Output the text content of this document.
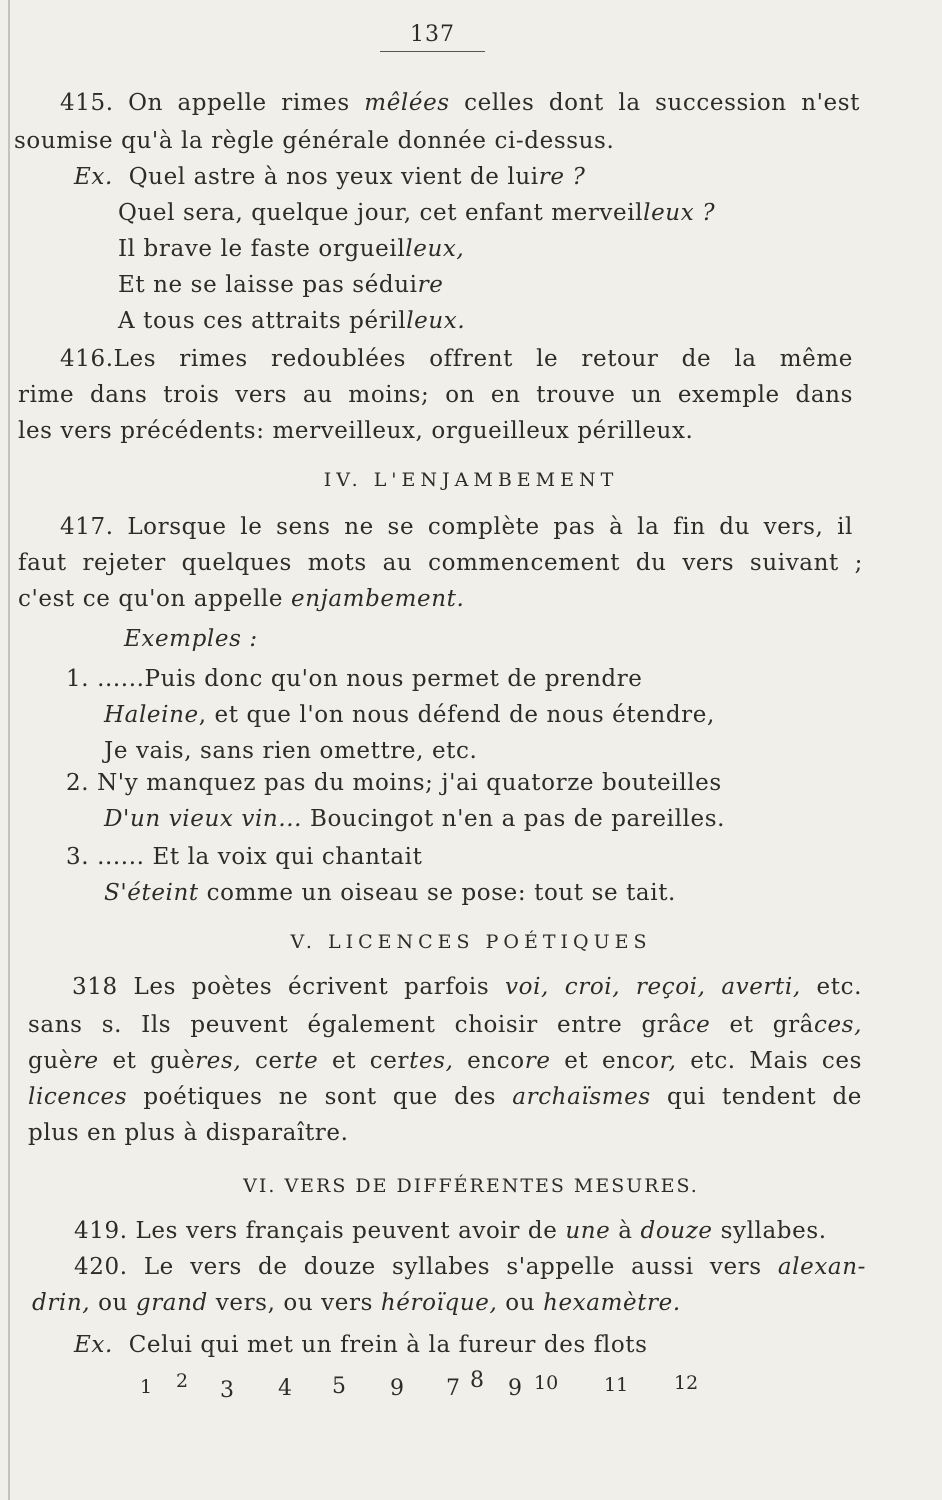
137
415. On appelle rimes mêlées celles dont la succession n'est
soumise qu'à la règle générale donnée ci-dessus.
Ex. Quel astre à nos yeux vient de luire ?
Quel sera, quelque jour, cet enfant merveilleux ?
Il brave le faste orgueilleux,
Et ne se laisse pas séduire
A tous ces attraits périlleux.
416.Les rimes redoublées offrent le retour de la même
rime dans trois vers au moins; on en trouve un exemple dans
les vers précédents: merveilleux, orgueilleux périlleux.
IV. L'ENJAMBEMENT
417. Lorsque le sens ne se complète pas à la fin du vers, il
faut rejeter quelques mots au commencement du vers suivant ;
c'est ce qu'on appelle enjambement.
Exemples :
1. ......Puis donc qu'on nous permet de prendre
Haleine, et que l'on nous défend de nous étendre,
Je vais, sans rien omettre, etc.
2. N'y manquez pas du moins; j'ai quatorze bouteilles
D'un vieux vin... Boucingot n'en a pas de pareilles.
3. ...... Et la voix qui chantait
S'éteint comme un oiseau se pose: tout se tait.
V. LICENCES POÉTIQUES
318 Les poètes écrivent parfois voi, croi, reçoi, averti, etc.
sans s. Ils peuvent également choisir entre grâce et grâces,
guère et guères, certe et certes, encore et encor, etc. Mais ces
licences poétiques ne sont que des archaïsmes qui tendent de
plus en plus à disparaître.
VI. VERS DE DIFFÉRENTES MESURES.
419. Les vers français peuvent avoir de une à douze syllabes.
420. Le vers de douze syllabes s'appelle aussi vers alexan-
drin, ou grand vers, ou vers héroïque, ou hexamètre.
Ex. Celui qui met un frein à la fureur des flots
1 2 3 4 5 9 7 8 9 10 11 12
